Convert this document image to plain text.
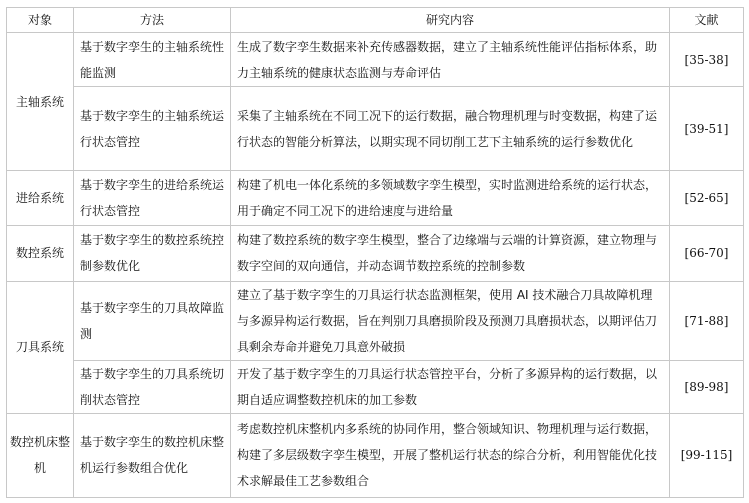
对象	方法	研究内容	文献
主轴系统	基于数字孪生的主轴系统性能监测	生成了数字孪生数据来补充传感器数据，建立了主轴系统性能评估指标体系，助力主轴系统的健康状态监测与寿命评估	[35-38]
	基于数字孪生的主轴系统运行状态管控	采集了主轴系统在不同工况下的运行数据，融合物理机理与时变数据，构建了运行状态的智能分析算法，以期实现不同切削工艺下主轴系统的运行参数优化	[39-51]
进给系统	基于数字孪生的进给系统运行状态管控	构建了机电一体化系统的多领域数字孪生模型，实时监测进给系统的运行状态，用于确定不同工况下的进给速度与进给量	[52-65]
数控系统	基于数字孪生的数控系统控制参数优化	构建了数控系统的数字孪生模型，整合了边缘端与云端的计算资源，建立物理与数字空间的双向通信，并动态调节数控系统的控制参数	[66-70]
刀具系统	基于数字孪生的刀具故障监测	建立了基于数字孪生的刀具运行状态监测框架，使用 AI 技术融合刀具故障机理与多源异构运行数据，旨在判别刀具磨损阶段及预测刀具磨损状态，以期评估刀具剩余寿命并避免刀具意外破损	[71-88]
	基于数字孪生的刀具系统切削状态管控	开发了基于数字孪生的刀具运行状态管控平台，分析了多源异构的运行数据，以期自适应调整数控机床的加工参数	[89-98]
数控机床整机	基于数字孪生的数控机床整机运行参数组合优化	考虑数控机床整机内多系统的协同作用，整合领域知识、物理机理与运行数据，构建了多层级数字孪生模型，开展了整机运行状态的综合分析，利用智能优化技术求解最佳工艺参数组合	[99-115]
